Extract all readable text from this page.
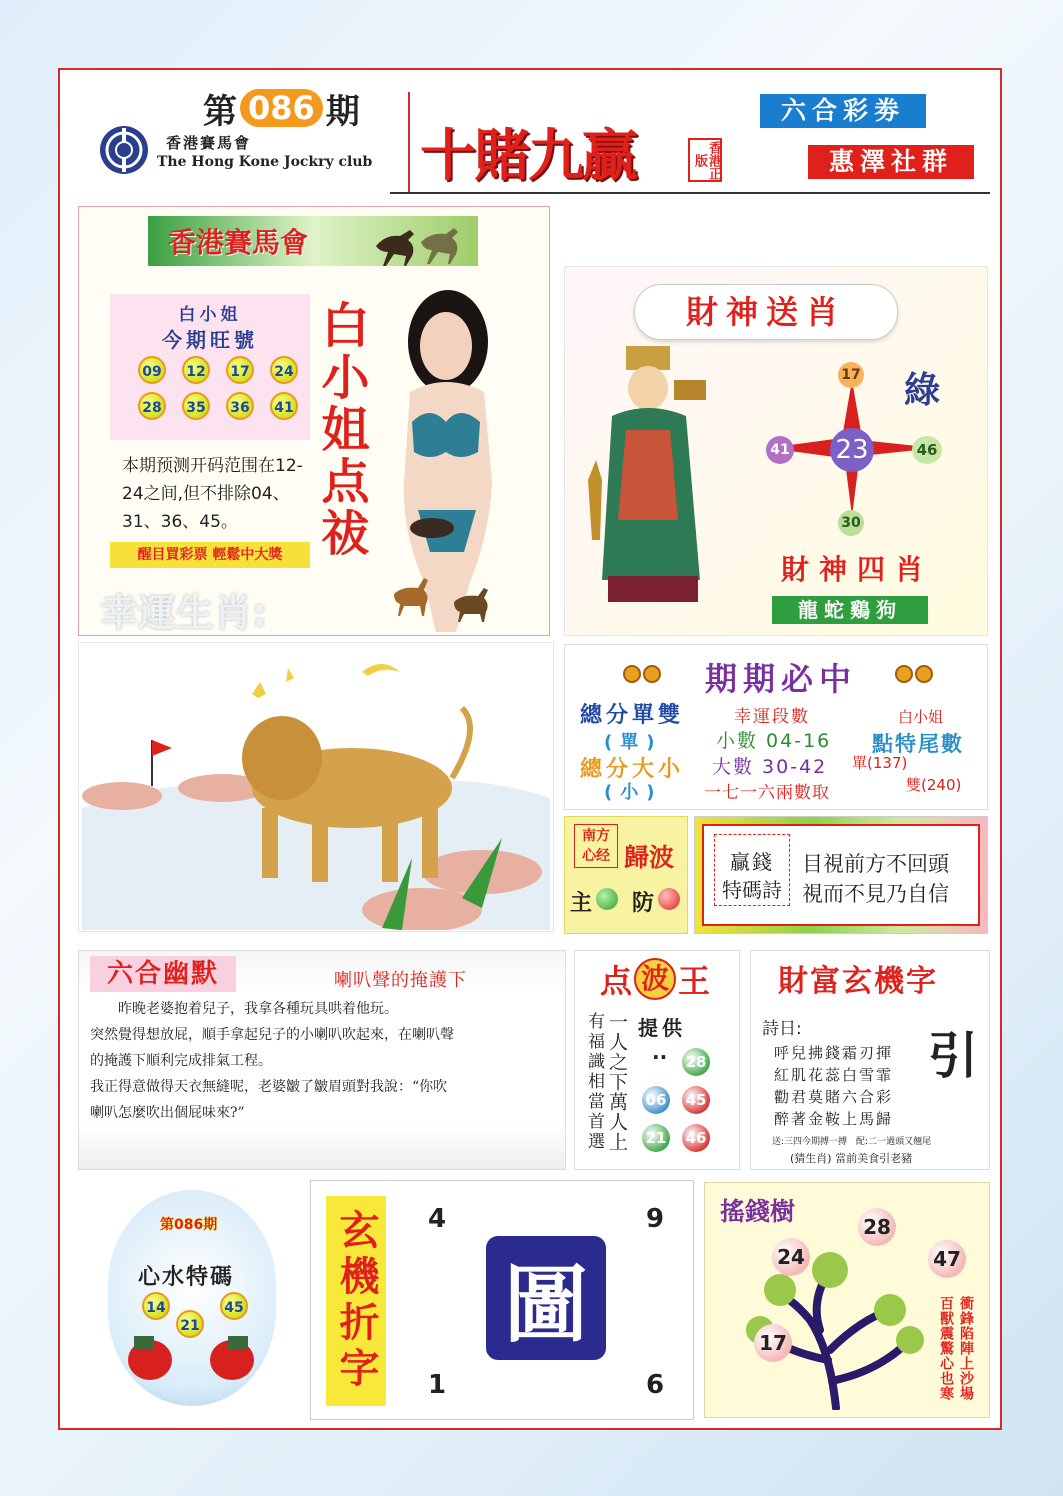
第 086 期
香港賽馬會
The Hong Kone Jockry club 十賭九贏	香港正版
六合彩劵
惠澤社群
香港賽馬會
白小姐
今期旺號
09	12	17	24
28	35	36	41 白小姐点祓
本期预测开码范围在12-24之间,但不排除04、31、36、45。
醒目買彩票 輕鬆中大獎
幸運生肖:
財神送肖
17
41 23	46
30
綠
財神四肖
龍蛇鷄狗
期期必中
總分單雙
(單)
總分大小
(小)
幸運段數
小數 04-16
大數 30-42
一七一六兩數取
白小姐
點特尾數
單(137)
雙(240)
南方心经 歸波
主 防
贏錢
特碼詩
目視前方不回頭
視而不見乃自信
六合幽默	喇叭聲的掩護下
昨晚老婆抱着兒子，我拿各種玩具哄着他玩。
突然覺得想放屁，順手拿起兒子的小喇叭吹起來，在喇叭聲
的掩護下順利完成排氣工程。
我正得意做得天衣無縫呢，老婆皺了皺眉頭對我說：“你吹
喇叭怎麼吹出個屁味來?”
点 波 王
有福識相當首選 一人之下萬人上 提供
.. 28
06 45
21 46
財富玄機字
詩日:	引
呼兒拂錢霜刃揮
紅肌花蕊白雪霏
勸君莫賭六合彩
醉著金鞍上馬歸
送:三四今期搏一搏　配:二一過頭又翹尾
(猜生肖) 當前美食引老豬
第086期
心水特碼
14
21
45 玄機折字 4	9
1	6
圖
搖錢樹
28
24	47
17	衝鋒陷陣上沙場
百獸震驚心也寒
